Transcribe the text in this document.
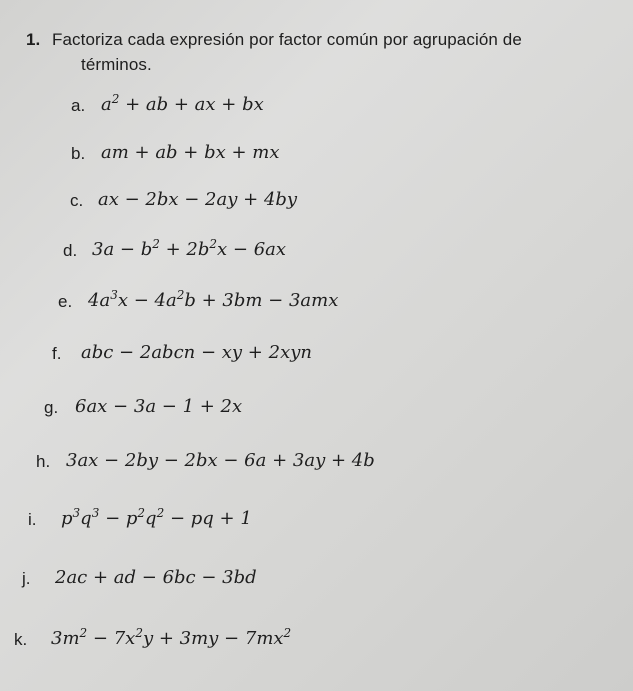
1. Factoriza cada expresión por factor común por agrupación de
términos.
a. $a^2$ + ab + ax + bx
b. am + ab + bx + mx
c. ax − 2bx − 2ay + 4by
d. $3a - b^2 + 2b^2x - 6ax$
e. $4a^3x - 4a^2b + 3bm - 3amx$
f. abc − 2abcn − xy + 2xyn
g. 6ax − 3a − 1 + 2x
h. 3ax − 2by − 2bx − 6a + 3ay + 4b
i. $p^3q^3 - p^2q^2$ − pq + 1
j. 2ac + ad − 6bc − 3bd
k. $3m^2 - 7x^2y + 3my - 7mx^2$
